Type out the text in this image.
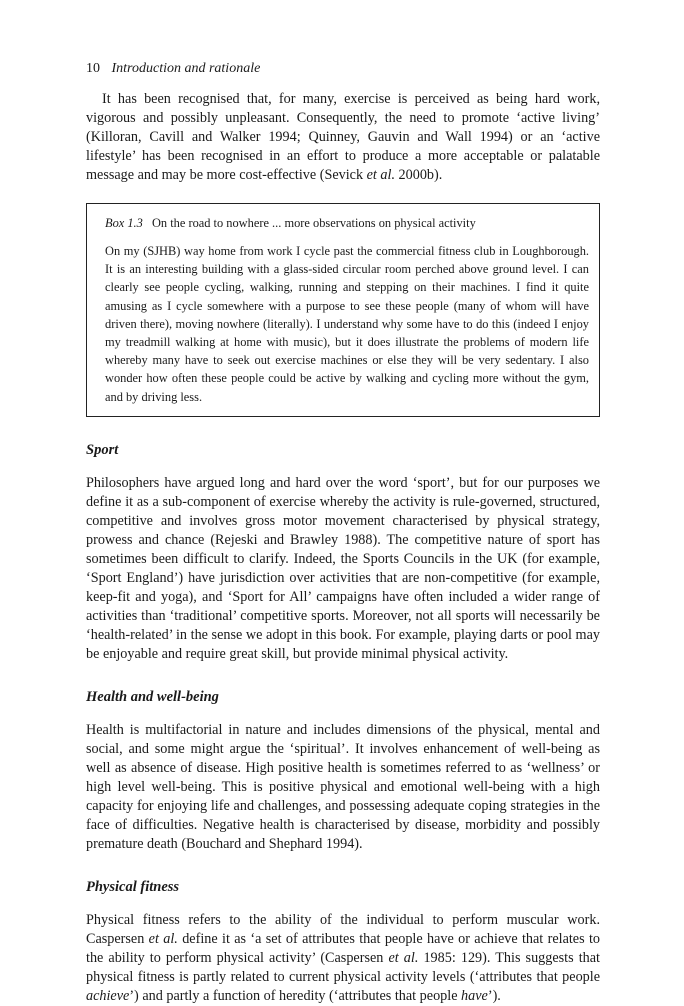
10 Introduction and rationale

It has been recognised that, for many, exercise is perceived as being hard work, vigorous and possibly unpleasant. Consequently, the need to promote ‘active living’ (Killoran, Cavill and Walker 1994; Quinney, Gauvin and Wall 1994) or an ‘active lifestyle’ has been recognised in an effort to produce a more acceptable or palatable message and may be more cost-effective (Sevick et al. 2000b).

Box 1.3 On the road to nowhere ... more observations on physical activity

On my (SJHB) way home from work I cycle past the commercial fitness club in Loughborough. It is an interesting building with a glass-sided circular room perched above ground level. I can clearly see people cycling, walking, running and stepping on their machines. I find it quite amusing as I cycle somewhere with a purpose to see these people (many of whom will have driven there), moving nowhere (literally). I understand why some have to do this (indeed I enjoy my treadmill walking at home with music), but it does illustrate the problems of modern life whereby many have to seek out exercise machines or else they will be very sedentary. I also wonder how often these people could be active by walking and cycling more without the gym, and by driving less.

Sport

Philosophers have argued long and hard over the word ‘sport’, but for our purposes we define it as a sub-component of exercise whereby the activity is rule-governed, structured, competitive and involves gross motor movement characterised by physical strategy, prowess and chance (Rejeski and Brawley 1988). The competitive nature of sport has sometimes been difficult to clarify. Indeed, the Sports Councils in the UK (for example, ‘Sport England’) have jurisdiction over activities that are non-competitive (for example, keep-fit and yoga), and ‘Sport for All’ campaigns have often included a wider range of activities than ‘traditional’ competitive sports. Moreover, not all sports will necessarily be ‘health-related’ in the sense we adopt in this book. For example, playing darts or pool may be enjoyable and require great skill, but provide minimal physical activity.

Health and well-being

Health is multifactorial in nature and includes dimensions of the physical, mental and social, and some might argue the ‘spiritual’. It involves enhancement of well-being as well as absence of disease. High positive health is sometimes referred to as ‘wellness’ or high level well-being. This is positive physical and emotional well-being with a high capacity for enjoying life and challenges, and possessing adequate coping strategies in the face of difficulties. Negative health is characterised by disease, morbidity and possibly premature death (Bouchard and Shephard 1994).

Physical fitness

Physical fitness refers to the ability of the individual to perform muscular work. Caspersen et al. define it as ‘a set of attributes that people have or achieve that relates to the ability to perform physical activity’ (Caspersen et al. 1985: 129). This suggests that physical fitness is partly related to current physical activity levels (‘attributes that people achieve’) and partly a function of heredity (‘attributes that people have’).
